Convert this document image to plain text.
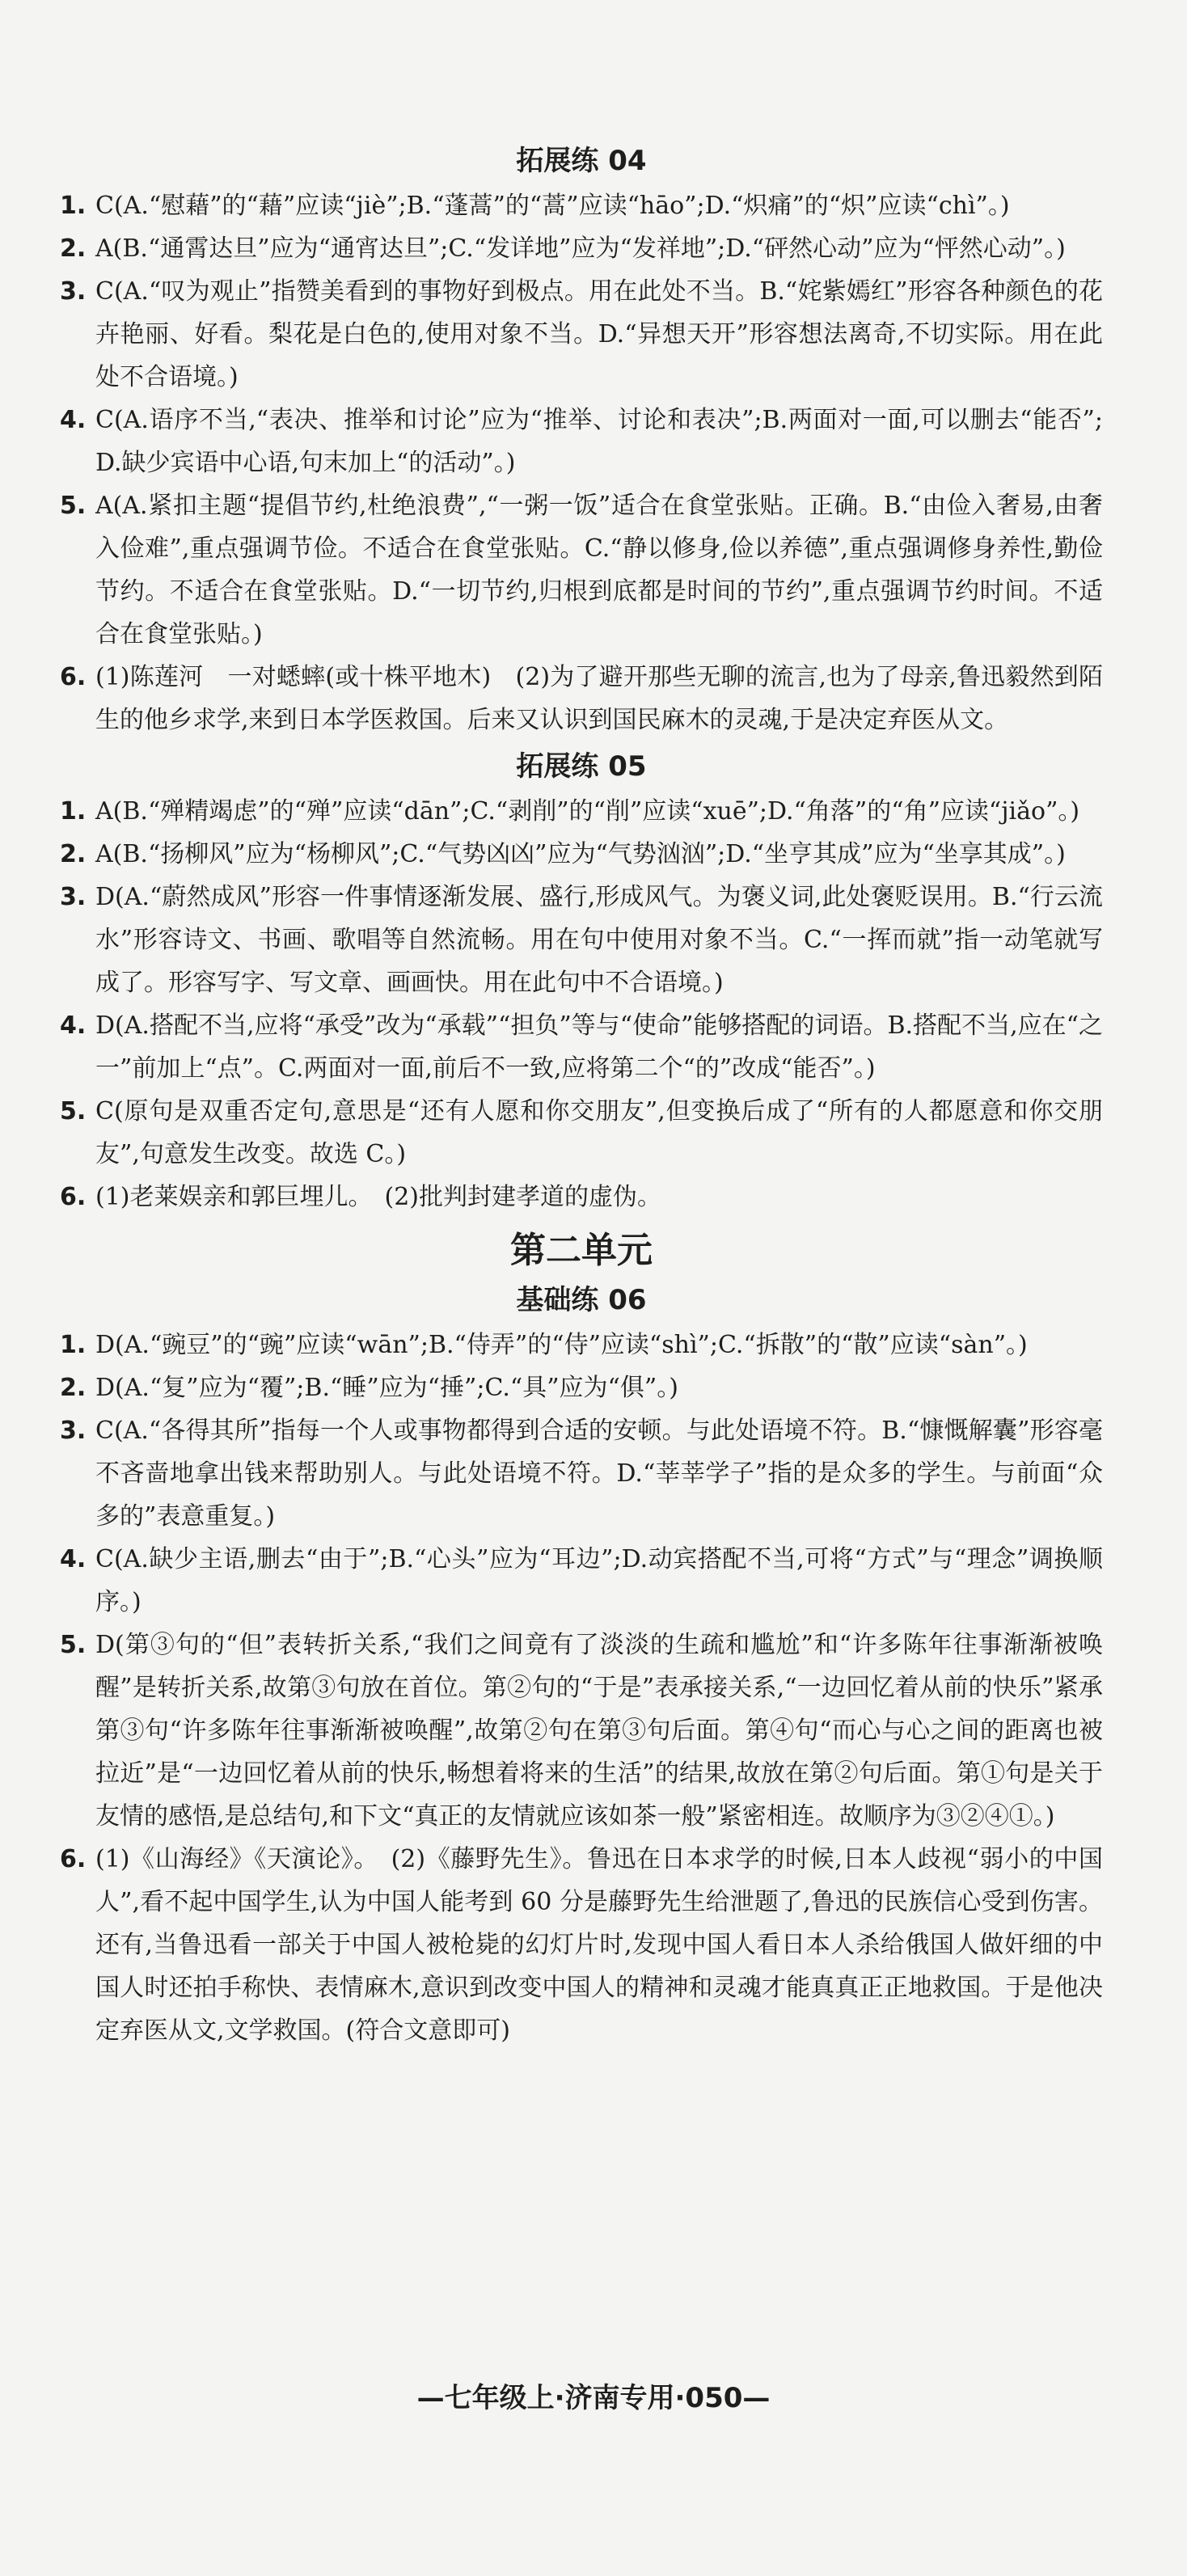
拓展练 04
1. C(A.“慰藉”的“藉”应读“jiè”;B.“蓬蒿”的“蒿”应读“hāo”;D.“炽痛”的“炽”应读“chì”。)
2. A(B.“通霄达旦”应为“通宵达旦”;C.“发详地”应为“发祥地”;D.“砰然心动”应为“怦然心动”。)
3. C(A.“叹为观止”指赞美看到的事物好到极点。用在此处不当。B.“姹紫嫣红”形容各种颜色的花卉艳丽、好看。梨花是白色的,使用对象不当。D.“异想天开”形容想法离奇,不切实际。用在此处不合语境。)
4. C(A.语序不当,“表决、推举和讨论”应为“推举、讨论和表决”;B.两面对一面,可以删去“能否”;D.缺少宾语中心语,句末加上“的活动”。)
5. A(A.紧扣主题“提倡节约,杜绝浪费”,“一粥一饭”适合在食堂张贴。正确。B.“由俭入奢易,由奢入俭难”,重点强调节俭。不适合在食堂张贴。C.“静以修身,俭以养德”,重点强调修身养性,勤俭节约。不适合在食堂张贴。D.“一切节约,归根到底都是时间的节约”,重点强调节约时间。不适合在食堂张贴。)
6. (1)陈莲河　一对蟋蟀(或十株平地木)　(2)为了避开那些无聊的流言,也为了母亲,鲁迅毅然到陌生的他乡求学,来到日本学医救国。后来又认识到国民麻木的灵魂,于是决定弃医从文。
拓展练 05
1. A(B.“殚精竭虑”的“殚”应读“dān”;C.“剥削”的“削”应读“xuē”;D.“角落”的“角”应读“jiǎo”。)
2. A(B.“扬柳风”应为“杨柳风”;C.“气势凶凶”应为“气势汹汹”;D.“坐亨其成”应为“坐享其成”。)
3. D(A.“蔚然成风”形容一件事情逐渐发展、盛行,形成风气。为褒义词,此处褒贬误用。B.“行云流水”形容诗文、书画、歌唱等自然流畅。用在句中使用对象不当。C.“一挥而就”指一动笔就写成了。形容写字、写文章、画画快。用在此句中不合语境。)
4. D(A.搭配不当,应将“承受”改为“承载”“担负”等与“使命”能够搭配的词语。B.搭配不当,应在“之一”前加上“点”。C.两面对一面,前后不一致,应将第二个“的”改成“能否”。)
5. C(原句是双重否定句,意思是“还有人愿和你交朋友”,但变换后成了“所有的人都愿意和你交朋友”,句意发生改变。故选 C。)
6. (1)老莱娱亲和郭巨埋儿。　(2)批判封建孝道的虚伪。
第二单元
基础练 06
1. D(A.“豌豆”的“豌”应读“wān”;B.“侍弄”的“侍”应读“shì”;C.“拆散”的“散”应读“sàn”。)
2. D(A.“复”应为“覆”;B.“睡”应为“捶”;C.“具”应为“俱”。)
3. C(A.“各得其所”指每一个人或事物都得到合适的安顿。与此处语境不符。B.“慷慨解囊”形容毫不吝啬地拿出钱来帮助别人。与此处语境不符。D.“莘莘学子”指的是众多的学生。与前面“众多的”表意重复。)
4. C(A.缺少主语,删去“由于”;B.“心头”应为“耳边”;D.动宾搭配不当,可将“方式”与“理念”调换顺序。)
5. D(第③句的“但”表转折关系,“我们之间竟有了淡淡的生疏和尴尬”和“许多陈年往事渐渐被唤醒”是转折关系,故第③句放在首位。第②句的“于是”表承接关系,“一边回忆着从前的快乐”紧承第③句“许多陈年往事渐渐被唤醒”,故第②句在第③句后面。第④句“而心与心之间的距离也被拉近”是“一边回忆着从前的快乐,畅想着将来的生活”的结果,故放在第②句后面。第①句是关于友情的感悟,是总结句,和下文“真正的友情就应该如茶一般”紧密相连。故顺序为③②④①。)
6. (1)《山海经》《天演论》。　(2)《藤野先生》。鲁迅在日本求学的时候,日本人歧视“弱小的中国人”,看不起中国学生,认为中国人能考到 60 分是藤野先生给泄题了,鲁迅的民族信心受到伤害。还有,当鲁迅看一部关于中国人被枪毙的幻灯片时,发现中国人看日本人杀给俄国人做奸细的中国人时还拍手称快、表情麻木,意识到改变中国人的精神和灵魂才能真真正正地救国。于是他决定弃医从文,文学救国。(符合文意即可)
—七年级上·济南专用·050—
